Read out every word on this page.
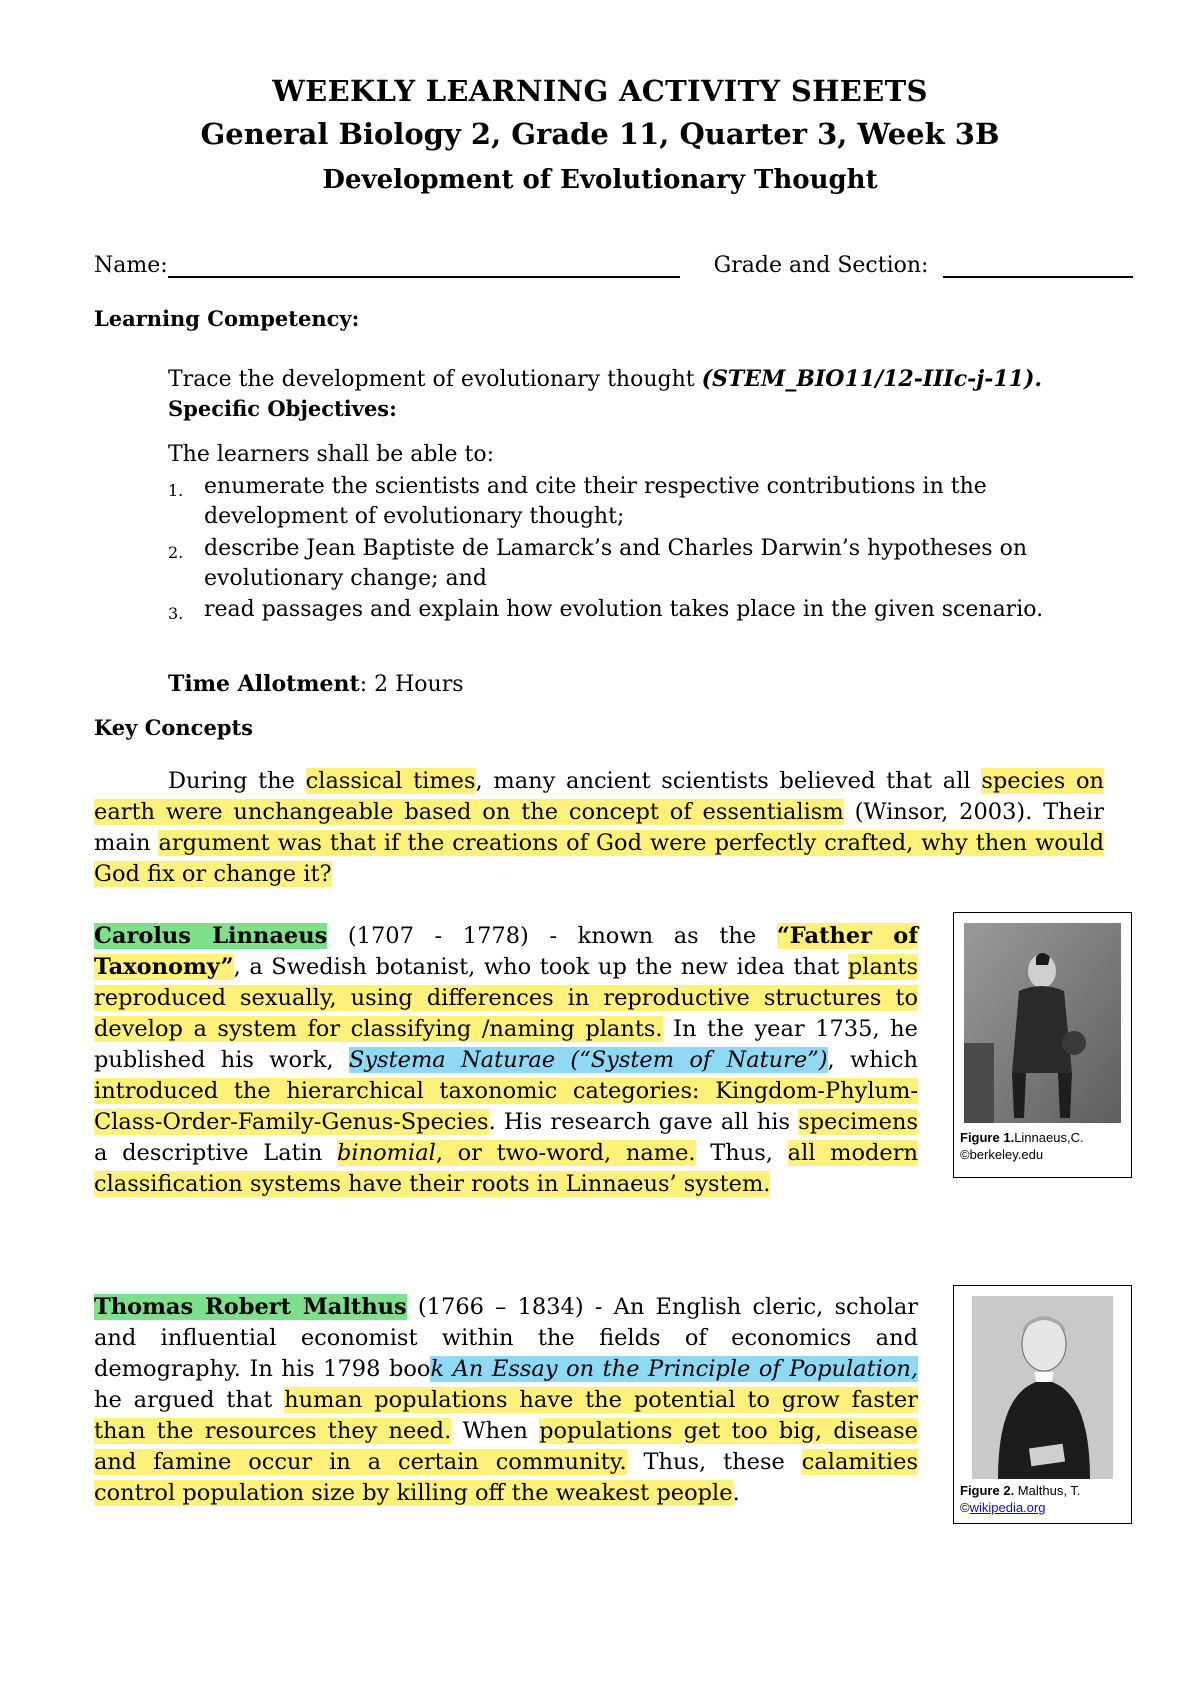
WEEKLY LEARNING ACTIVITY SHEETS
General Biology 2, Grade 11, Quarter 3, Week 3B
Development of Evolutionary Thought
Name:	Grade and Section:
Learning Competency:
Trace the development of evolutionary thought (STEM_BIO11/12-IIIc-j-11).
Specific Objectives:
The learners shall be able to:
1. enumerate the scientists and cite their respective contributions in the development of evolutionary thought;
2. describe Jean Baptiste de Lamarck’s and Charles Darwin’s hypotheses on evolutionary change; and
3. read passages and explain how evolution takes place in the given scenario.
Time Allotment: 2 Hours
Key Concepts
During the classical times, many ancient scientists believed that all species on earth were unchangeable based on the concept of essentialism (Winsor, 2003). Their main argument was that if the creations of God were perfectly crafted, why then would God fix or change it?
Carolus Linnaeus (1707 - 1778) - known as the “Father of Taxonomy”, a Swedish botanist, who took up the new idea that plants reproduced sexually, using differences in reproductive structures to develop a system for classifying /naming plants. In the year 1735, he published his work, Systema Naturae (“System of Nature”), which introduced the hierarchical taxonomic categories: Kingdom-Phylum-Class-Order-Family-Genus-Species. His research gave all his specimens a descriptive Latin binomial, or two-word, name. Thus, all modern classification systems have their roots in Linnaeus’ system.
Figure 1.Linnaeus,C.
©berkeley.edu
Thomas Robert Malthus (1766 – 1834) - An English cleric, scholar and influential economist within the fields of economics and demography. In his 1798 book An Essay on the Principle of Population, he argued that human populations have the potential to grow faster than the resources they need. When populations get too big, disease and famine occur in a certain community. Thus, these calamities control population size by killing off the weakest people.	Figure 2. Malthus, T.
©wikipedia.org
